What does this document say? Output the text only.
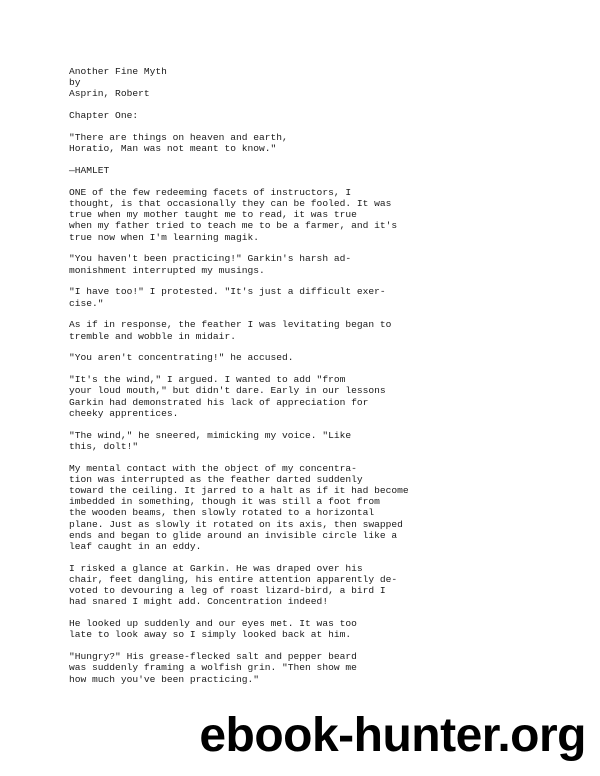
Another Fine Myth
by
Asprin, Robert
Chapter One:
"There are things on heaven and earth,
Horatio, Man was not meant to know."
—HAMLET
ONE of the few redeeming facets of instructors, I
thought, is that occasionally they can be fooled. It was
true when my mother taught me to read, it was true
when my father tried to teach me to be a farmer, and it's
true now when I'm learning magik.
"You haven't been practicing!" Garkin's harsh ad-
monishment interrupted my musings.
"I have too!" I protested. "It's just a difficult exer-
cise."
As if in response, the feather I was levitating began to
tremble and wobble in midair.
"You aren't concentrating!" he accused.
"It's the wind," I argued. I wanted to add "from
your loud mouth," but didn't dare. Early in our lessons
Garkin had demonstrated his lack of appreciation for
cheeky apprentices.
"The wind," he sneered, mimicking my voice. "Like
this, dolt!"
My mental contact with the object of my concentra-
tion was interrupted as the feather darted suddenly
toward the ceiling. It jarred to a halt as if it had become
imbedded in something, though it was still a foot from
the wooden beams, then slowly rotated to a horizontal
plane. Just as slowly it rotated on its axis, then swapped
ends and began to glide around an invisible circle like a
leaf caught in an eddy.
I risked a glance at Garkin. He was draped over his
chair, feet dangling, his entire attention apparently de-
voted to devouring a leg of roast lizard-bird, a bird I
had snared I might add. Concentration indeed!
He looked up suddenly and our eyes met. It was too
late to look away so I simply looked back at him.
"Hungry?" His grease-flecked salt and pepper beard
was suddenly framing a wolfish grin. "Then show me
how much you've been practicing."
ebook-hunter.org
